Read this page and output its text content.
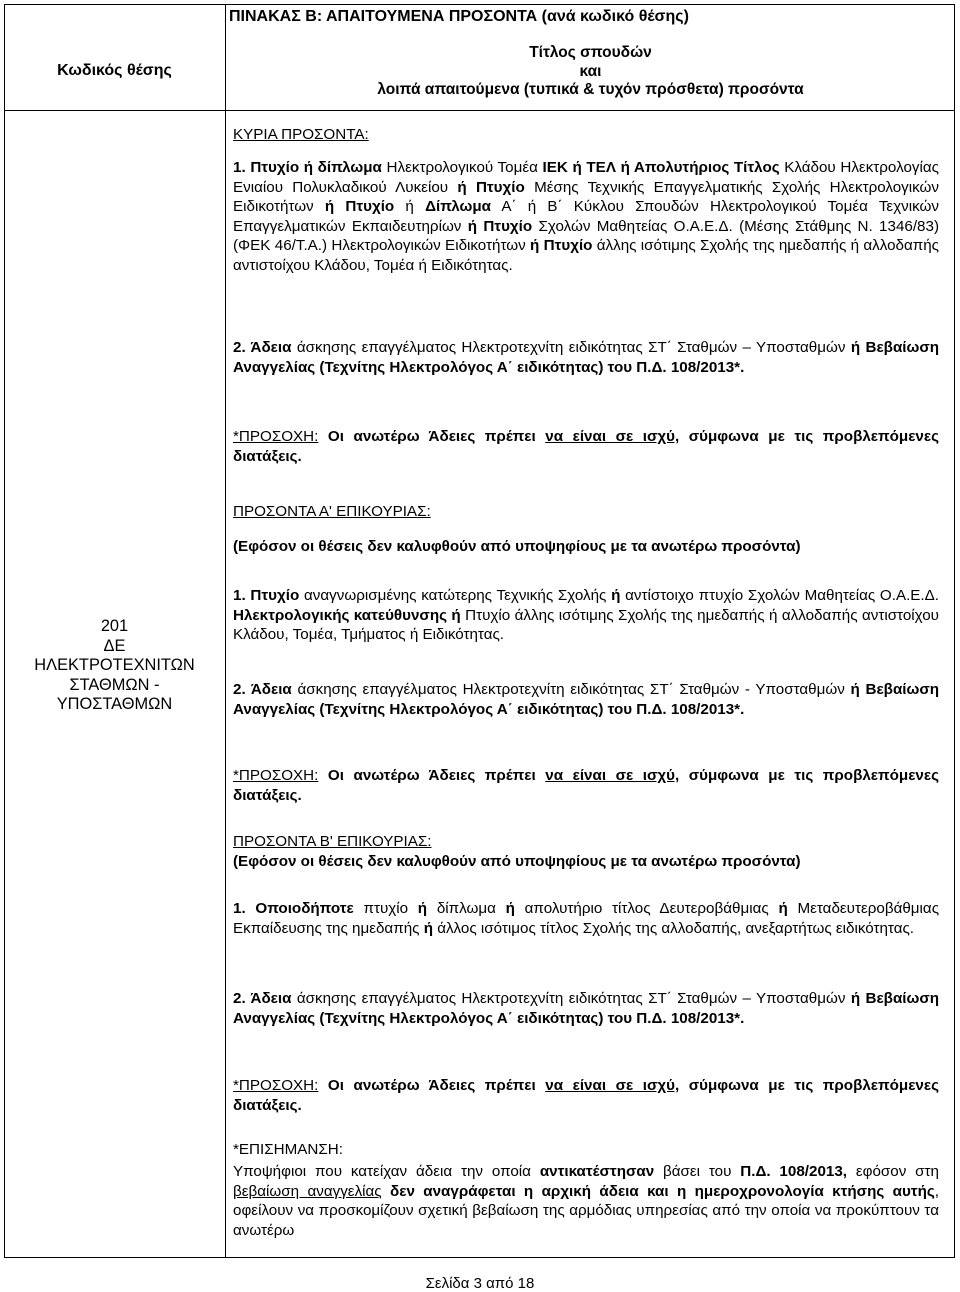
ΠΙΝΑΚΑΣ Β: ΑΠΑΙΤΟΥΜΕΝΑ ΠΡΟΣΟΝΤΑ (ανά κωδικό θέσης)
Κωδικός θέσης
Τίτλος σπουδών
και
λοιπά απαιτούμενα (τυπικά & τυχόν πρόσθετα) προσόντα
201
ΔΕ
ΗΛΕΚΤΡΟΤΕΧΝΙΤΩΝ
ΣΤΑΘΜΩΝ -
ΥΠΟΣΤΑΘΜΩΝ
ΚΥΡΙΑ ΠΡΟΣΟΝΤΑ:
1. Πτυχίο ή δίπλωμα Ηλεκτρολογικού Τομέα ΙΕΚ ή ΤΕΛ ή Απολυτήριος Τίτλος Κλάδου Ηλεκτρολογίας Ενιαίου Πολυκλαδικού Λυκείου ή Πτυχίο Μέσης Τεχνικής Επαγγελματικής Σχολής Ηλεκτρολογικών Ειδικοτήτων ή Πτυχίο ή Δίπλωμα Α΄ ή Β΄ Κύκλου Σπουδών Ηλεκτρολογικού Τομέα Τεχνικών Επαγγελματικών Εκπαιδευτηρίων ή Πτυχίο Σχολών Μαθητείας Ο.Α.Ε.Δ. (Μέσης Στάθμης Ν. 1346/83) (ΦΕΚ 46/Τ.Α.) Ηλεκτρολογικών Ειδικοτήτων ή Πτυχίο άλλης ισότιμης Σχολής της ημεδαπής ή αλλοδαπής αντιστοίχου Κλάδου, Τομέα ή Ειδικότητας.
2. Άδεια άσκησης επαγγέλματος Ηλεκτροτεχνίτη ειδικότητας ΣΤ΄ Σταθμών – Υποσταθμών ή Βεβαίωση Αναγγελίας (Τεχνίτης Ηλεκτρολόγος Α΄ ειδικότητας) του Π.Δ. 108/2013*.
*ΠΡΟΣΟΧΗ: Οι ανωτέρω Άδειες πρέπει να είναι σε ισχύ, σύμφωνα με τις προβλεπόμενες διατάξεις.
ΠΡΟΣΟΝΤΑ Α' ΕΠΙΚΟΥΡΙΑΣ:
(Εφόσον οι θέσεις δεν καλυφθούν από υποψηφίους με τα ανωτέρω προσόντα)
1. Πτυχίο αναγνωρισμένης κατώτερης Τεχνικής Σχολής ή αντίστοιχο πτυχίο Σχολών Μαθητείας Ο.Α.Ε.Δ. Ηλεκτρολογικής κατεύθυνσης ή Πτυχίο άλλης ισότιμης Σχολής της ημεδαπής ή αλλοδαπής αντιστοίχου Κλάδου, Τομέα, Τμήματος ή Ειδικότητας.
2. Άδεια άσκησης επαγγέλματος Ηλεκτροτεχνίτη ειδικότητας ΣΤ΄ Σταθμών - Υποσταθμών ή Βεβαίωση Αναγγελίας (Τεχνίτης Ηλεκτρολόγος Α΄ ειδικότητας) του Π.Δ. 108/2013*.
*ΠΡΟΣΟΧΗ: Οι ανωτέρω Άδειες πρέπει να είναι σε ισχύ, σύμφωνα με τις προβλεπόμενες διατάξεις.
ΠΡΟΣΟΝΤΑ Β' ΕΠΙΚΟΥΡΙΑΣ:
(Εφόσον οι θέσεις δεν καλυφθούν από υποψηφίους με τα ανωτέρω προσόντα)
1. Οποιοδήποτε πτυχίο ή δίπλωμα ή απολυτήριο τίτλος Δευτεροβάθμιας ή Μεταδευτεροβάθμιας Εκπαίδευσης της ημεδαπής ή άλλος ισότιμος τίτλος Σχολής της αλλοδαπής, ανεξαρτήτως ειδικότητας.
2. Άδεια άσκησης επαγγέλματος Ηλεκτροτεχνίτη ειδικότητας ΣΤ΄ Σταθμών – Υποσταθμών ή Βεβαίωση Αναγγελίας (Τεχνίτης Ηλεκτρολόγος Α΄ ειδικότητας) του Π.Δ. 108/2013*.
*ΠΡΟΣΟΧΗ: Οι ανωτέρω Άδειες πρέπει να είναι σε ισχύ, σύμφωνα με τις προβλεπόμενες διατάξεις.
*ΕΠΙΣΗΜΑΝΣΗ:
Υποψήφιοι που κατείχαν άδεια την οποία αντικατέστησαν βάσει του Π.Δ. 108/2013, εφόσον στη βεβαίωση αναγγελίας δεν αναγράφεται η αρχική άδεια και η ημερoχρονολογία κτήσης αυτής, οφείλουν να προσκομίζουν σχετική βεβαίωση της αρμόδιας υπηρεσίας από την οποία να προκύπτουν τα ανωτέρω
Σελίδα 3 από 18
